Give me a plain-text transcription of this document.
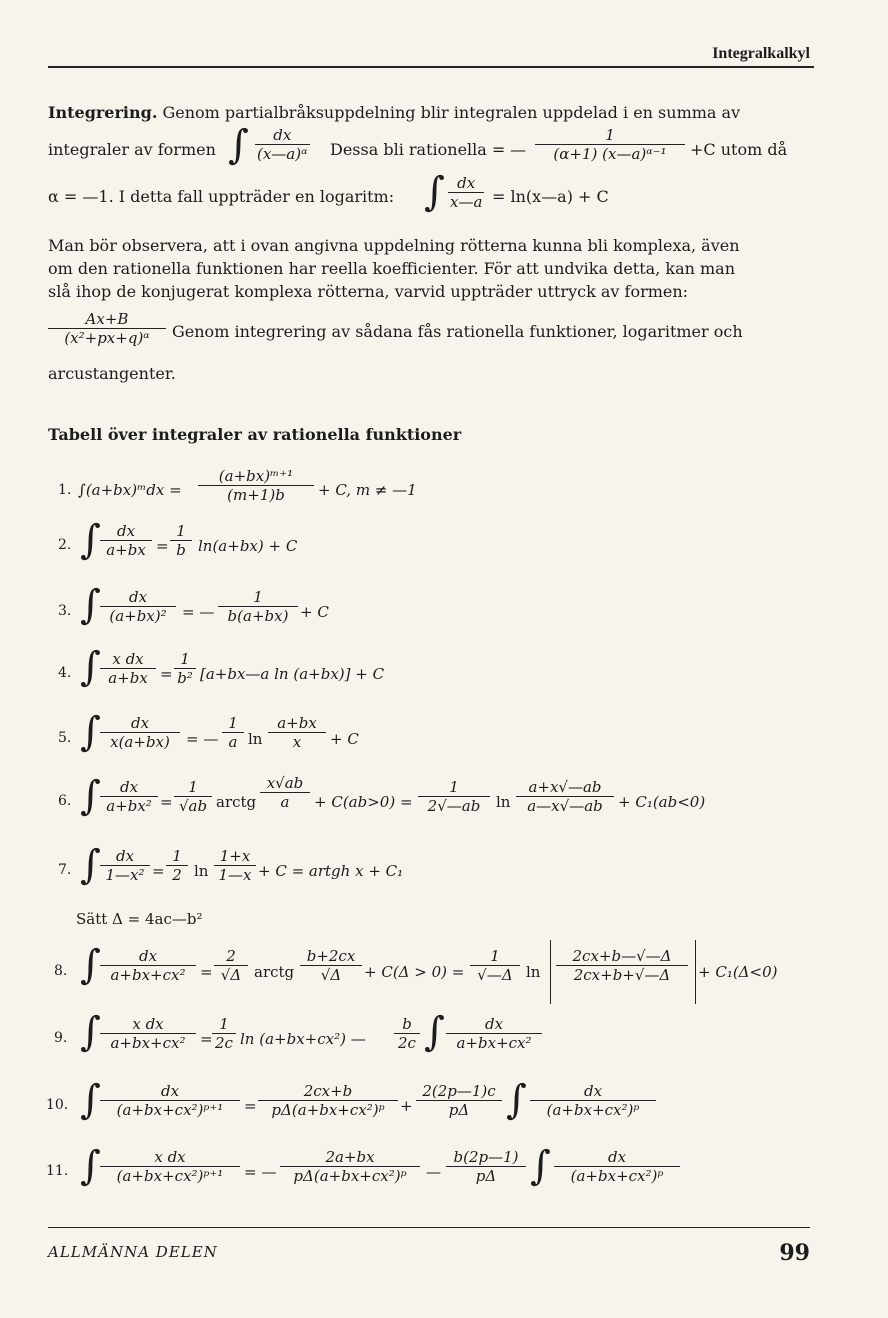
Integralkalkyl
Integrering. Genom partialbråksuppdelning blir integralen uppdelad i en summa av
integraler av formen ∫ $\frac{dx}{\text{(x—a)ᵅ}}$ Dessa bli rationella = — $\frac{1}{\text{(α+1) (x—a)ᵅ⁻¹}} +C$ utom då
α = —1. I detta fall uppträder en logaritm: ∫ $\frac{dx}{x—a}$ = ln(x—a) + C
Man bör observera, att i ovan angivna uppdelning rötterna kunna bli komplexa, även
om den rationella funktionen har reella koefficienter. För att undvika detta, kan man
slå ihop de konjugerat komplexa rötterna, varvid uppträder uttryck av formen:
$\frac{Ax+B}{\text{(x²+px+q)ᵅ}}$ Genom integrering av sådana fås rationella funktioner, logaritmer och
arcustangenter.
Tabell över integraler av rationella funktioner
1. ∫(a+bx)ᵐdx = $\frac{\text{(a+bx)ᵐ⁺¹}}{(m+1)b} + C$, m ≠ —1
2. ∫ $\frac{dx}{a+bx} = \frac{1}{b} \ln(a+bx) + C$
3. ∫ $\frac{dx}{\text{(a+bx)²}}$ = — $\frac{1}{b(a+bx)} + C$
4. ∫ $\frac{\text{x dx}}{a+bx} = \frac{1}{\text{b²}}$ [a+bx—a ln (a+bx)] + C
5. ∫ $\frac{dx}{x(a+bx)}$ = — $\frac{1}{a}$ $\ln \frac{a+bx}{x} + C$
6. ∫ $\frac{dx}{\text{a+bx²}} = \frac{1}{√ab}$ arctg $\frac{x√ab}{a} + C(ab>0) = \frac{1}{2√—ab}$ $\ln \frac{a+x√—ab}{a—x√—ab} + C_1(ab<0)$
7. ∫ $\frac{dx}{\text{1—x²}} = \frac{1}{2}$ $\ln \frac{1+x}{1—x} + C$ = artgh x + C₁
Sätt Δ = 4ac—b²
8. ∫ $\frac{dx}{\text{a+bx+cx²}} = \frac{2}{√\Delta}$ arctg $\frac{b+2cx}{√\Delta} + C(\Delta > 0) = \frac{1}{√—\Delta}$ $\ln \frac{2cx+b—√—\Delta}{2cx+b+√—\Delta} + C_1(\Delta<0)$
9. ∫ $\frac{\text{x dx}}{\text{a+bx+cx²}} = \frac{1}{2c}$ ln (a+bx+cx²) — $\frac{b}{2c}$ ∫ $\frac{dx}{\text{a+bx+cx²}}$
10. ∫ $\frac{dx}{\text{(a+bx+cx²)ᵖ⁺¹}} = \frac{2cx+b}{\text{pΔ(a+bx+cx²)ᵖ}} + \frac{2(2p—1)c}{p\Delta}$ ∫ $\frac{dx}{\text{(a+bx+cx²)ᵖ}}$
11. ∫ $\frac{\text{x dx}}{\text{(a+bx+cx²)ᵖ⁺¹}}$ = — $\frac{2a+bx}{\text{pΔ(a+bx+cx²)ᵖ}}$ — $\frac{b(2p—1)}{p\Delta}$ ∫ $\frac{dx}{\text{(a+bx+cx²)ᵖ}}$
ALLMÄNNA DELEN	99
